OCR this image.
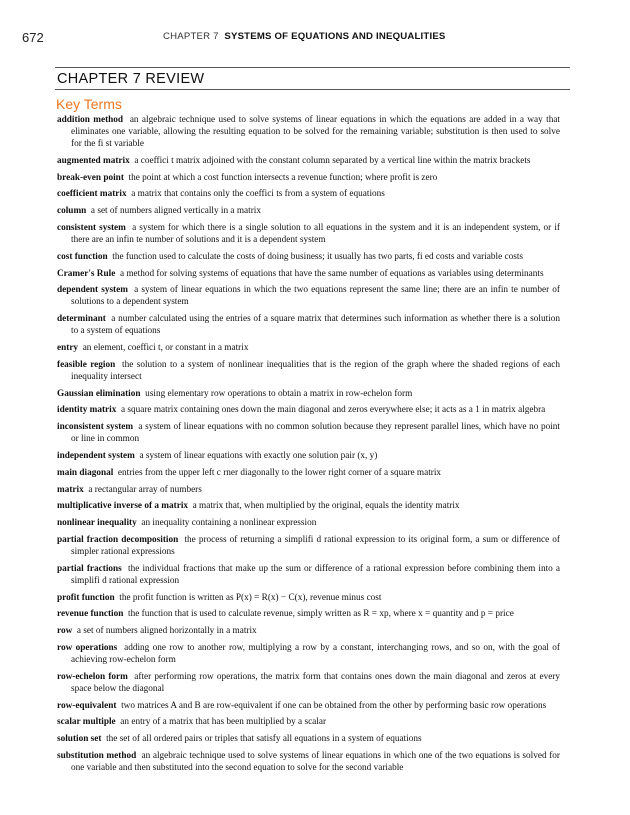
672	CHAPTER 7 SYSTEMS OF EQUATIONS AND INEQUALITIES
CHAPTER 7 REVIEW
Key Terms

addition method an algebraic technique used to solve systems of linear equations in which the equations are added in a way that eliminates one variable, allowing the resulting equation to be solved for the remaining variable; substitution is then used to solve for the fi st variable

augmented matrix a coeffici t matrix adjoined with the constant column separated by a vertical line within the matrix brackets

break-even point the point at which a cost function intersects a revenue function; where profit is zero

coefficient matrix a matrix that contains only the coeffici ts from a system of equations

column a set of numbers aligned vertically in a matrix

consistent system a system for which there is a single solution to all equations in the system and it is an independent system, or if there are an infin te number of solutions and it is a dependent system

cost function the function used to calculate the costs of doing business; it usually has two parts, fi ed costs and variable costs

Cramer's Rule a method for solving systems of equations that have the same number of equations as variables using determinants

dependent system a system of linear equations in which the two equations represent the same line; there are an infin te number of solutions to a dependent system

determinant a number calculated using the entries of a square matrix that determines such information as whether there is a solution to a system of equations

entry an element, coeffici t, or constant in a matrix

feasible region the solution to a system of nonlinear inequalities that is the region of the graph where the shaded regions of each inequality intersect

Gaussian elimination using elementary row operations to obtain a matrix in row-echelon form

identity matrix a square matrix containing ones down the main diagonal and zeros everywhere else; it acts as a 1 in matrix algebra

inconsistent system a system of linear equations with no common solution because they represent parallel lines, which have no point or line in common

independent system a system of linear equations with exactly one solution pair (x, y)

main diagonal entries from the upper left c rner diagonally to the lower right corner of a square matrix

matrix a rectangular array of numbers

multiplicative inverse of a matrix a matrix that, when multiplied by the original, equals the identity matrix

nonlinear inequality an inequality containing a nonlinear expression

partial fraction decomposition the process of returning a simplifi d rational expression to its original form, a sum or difference of simpler rational expressions

partial fractions the individual fractions that make up the sum or difference of a rational expression before combining them into a simplifi d rational expression

profit function the profit function is written as P(x) = R(x) − C(x), revenue minus cost

revenue function the function that is used to calculate revenue, simply written as R = xp, where x = quantity and p = price

row a set of numbers aligned horizontally in a matrix

row operations adding one row to another row, multiplying a row by a constant, interchanging rows, and so on, with the goal of achieving row-echelon form

row-echelon form after performing row operations, the matrix form that contains ones down the main diagonal and zeros at every space below the diagonal

row-equivalent two matrices A and B are row-equivalent if one can be obtained from the other by performing basic row operations

scalar multiple an entry of a matrix that has been multiplied by a scalar

solution set the set of all ordered pairs or triples that satisfy all equations in a system of equations

substitution method an algebraic technique used to solve systems of linear equations in which one of the two equations is solved for one variable and then substituted into the second equation to solve for the second variable
